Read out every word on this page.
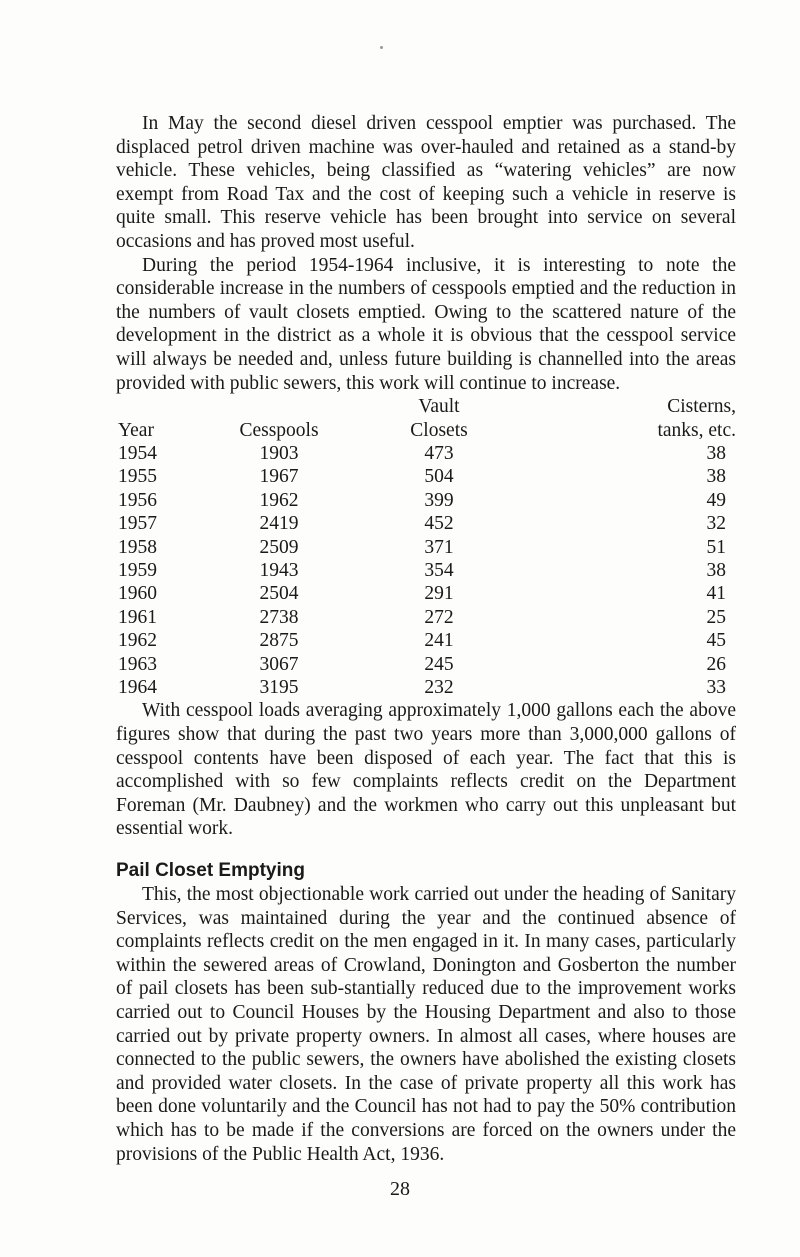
In May the second diesel driven cesspool emptier was purchased. The displaced petrol driven machine was over-hauled and retained as a stand-by vehicle. These vehicles, being classified as “watering vehicles” are now exempt from Road Tax and the cost of keeping such a vehicle in reserve is quite small. This reserve vehicle has been brought into service on several occasions and has proved most useful.

During the period 1954-1964 inclusive, it is interesting to note the considerable increase in the numbers of cesspools emptied and the reduction in the numbers of vault closets emptied. Owing to the scattered nature of the development in the district as a whole it is obvious that the cesspool service will always be needed and, unless future building is channelled into the areas provided with public sewers, this work will continue to increase.

		Vault	Cisterns,
Year	Cesspools	Closets	tanks, etc.
1954	1903	473	38
1955	1967	504	38
1956	1962	399	49
1957	2419	452	32
1958	2509	371	51
1959	1943	354	38
1960	2504	291	41
1961	2738	272	25
1962	2875	241	45
1963	3067	245	26
1964	3195	232	33

With cesspool loads averaging approximately 1,000 gallons each the above figures show that during the past two years more than 3,000,000 gallons of cesspool contents have been disposed of each year. The fact that this is accomplished with so few complaints reflects credit on the Department Foreman (Mr. Daubney) and the workmen who carry out this unpleasant but essential work.

Pail Closet Emptying

This, the most objectionable work carried out under the heading of Sanitary Services, was maintained during the year and the continued absence of complaints reflects credit on the men engaged in it. In many cases, particularly within the sewered areas of Crowland, Donington and Gosberton the number of pail closets has been sub-stantially reduced due to the improvement works carried out to Council Houses by the Housing Department and also to those carried out by private property owners. In almost all cases, where houses are connected to the public sewers, the owners have abolished the existing closets and provided water closets. In the case of private property all this work has been done voluntarily and the Council has not had to pay the 50% contribution which has to be made if the conversions are forced on the owners under the provisions of the Public Health Act, 1936.

28
